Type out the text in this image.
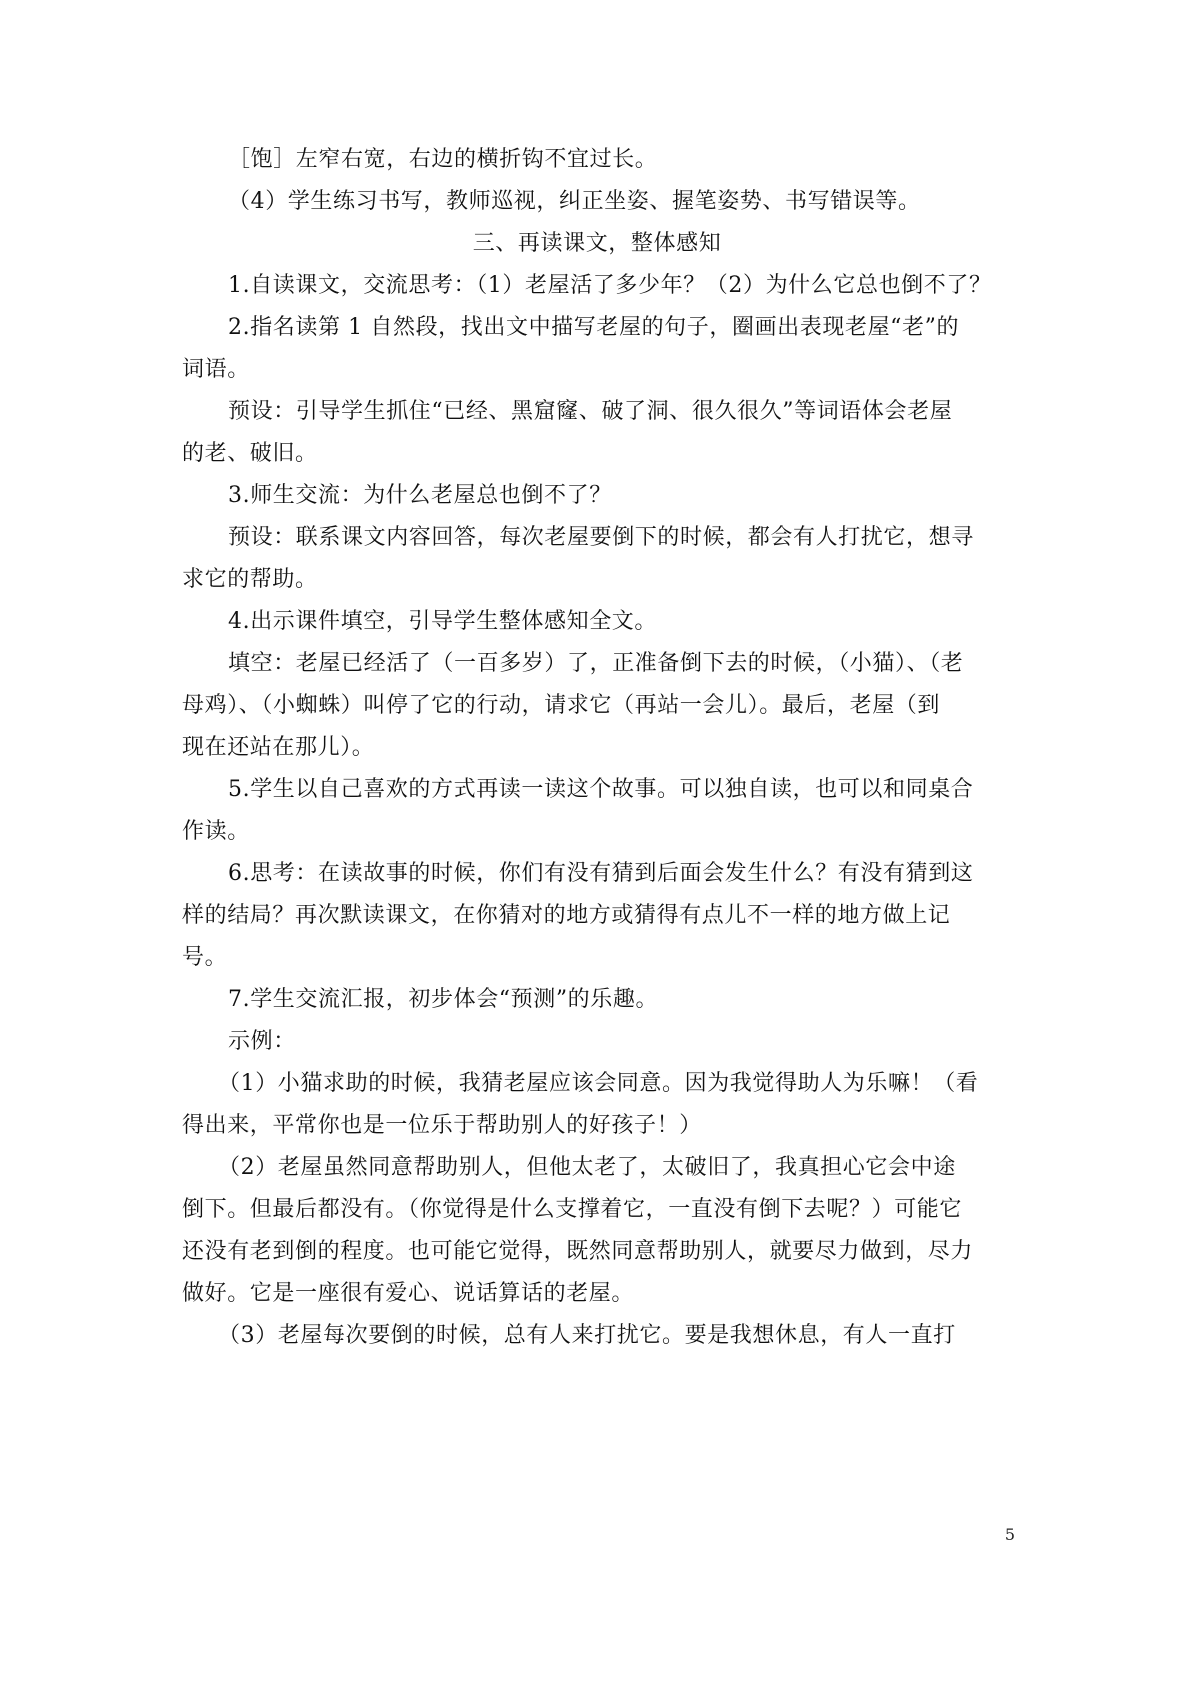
［饱］左窄右宽，右边的横折钩不宜过长。

（4）学生练习书写，教师巡视，纠正坐姿、握笔姿势、书写错误等。

三、再读课文，整体感知

1.自读课文，交流思考：（1）老屋活了多少年？（2）为什么它总也倒不了？

2.指名读第 1 自然段，找出文中描写老屋的句子，圈画出表现老屋“老”的

词语。

预设：引导学生抓住“已经、黑窟窿、破了洞、很久很久”等词语体会老屋

的老、破旧。

3.师生交流：为什么老屋总也倒不了？

预设：联系课文内容回答，每次老屋要倒下的时候，都会有人打扰它，想寻

求它的帮助。

4.出示课件填空，引导学生整体感知全文。

填空：老屋已经活了（一百多岁）了，正准备倒下去的时候，（小猫）、（老

母鸡）、（小蜘蛛）叫停了它的行动，请求它（再站一会儿）。最后，老屋（到

现在还站在那儿）。

5.学生以自己喜欢的方式再读一读这个故事。可以独自读，也可以和同桌合

作读。

6.思考：在读故事的时候，你们有没有猜到后面会发生什么？有没有猜到这

样的结局？再次默读课文，在你猜对的地方或猜得有点儿不一样的地方做上记

号。

7.学生交流汇报，初步体会“预测”的乐趣。

示例：

（1）小猫求助的时候，我猜老屋应该会同意。因为我觉得助人为乐嘛！（看

得出来，平常你也是一位乐于帮助别人的好孩子！）

（2）老屋虽然同意帮助别人，但他太老了，太破旧了，我真担心它会中途

倒下。但最后都没有。（你觉得是什么支撑着它，一直没有倒下去呢？）可能它

还没有老到倒的程度。也可能它觉得，既然同意帮助别人，就要尽力做到，尽力

做好。它是一座很有爱心、说话算话的老屋。

（3）老屋每次要倒的时候，总有人来打扰它。要是我想休息，有人一直打

5
